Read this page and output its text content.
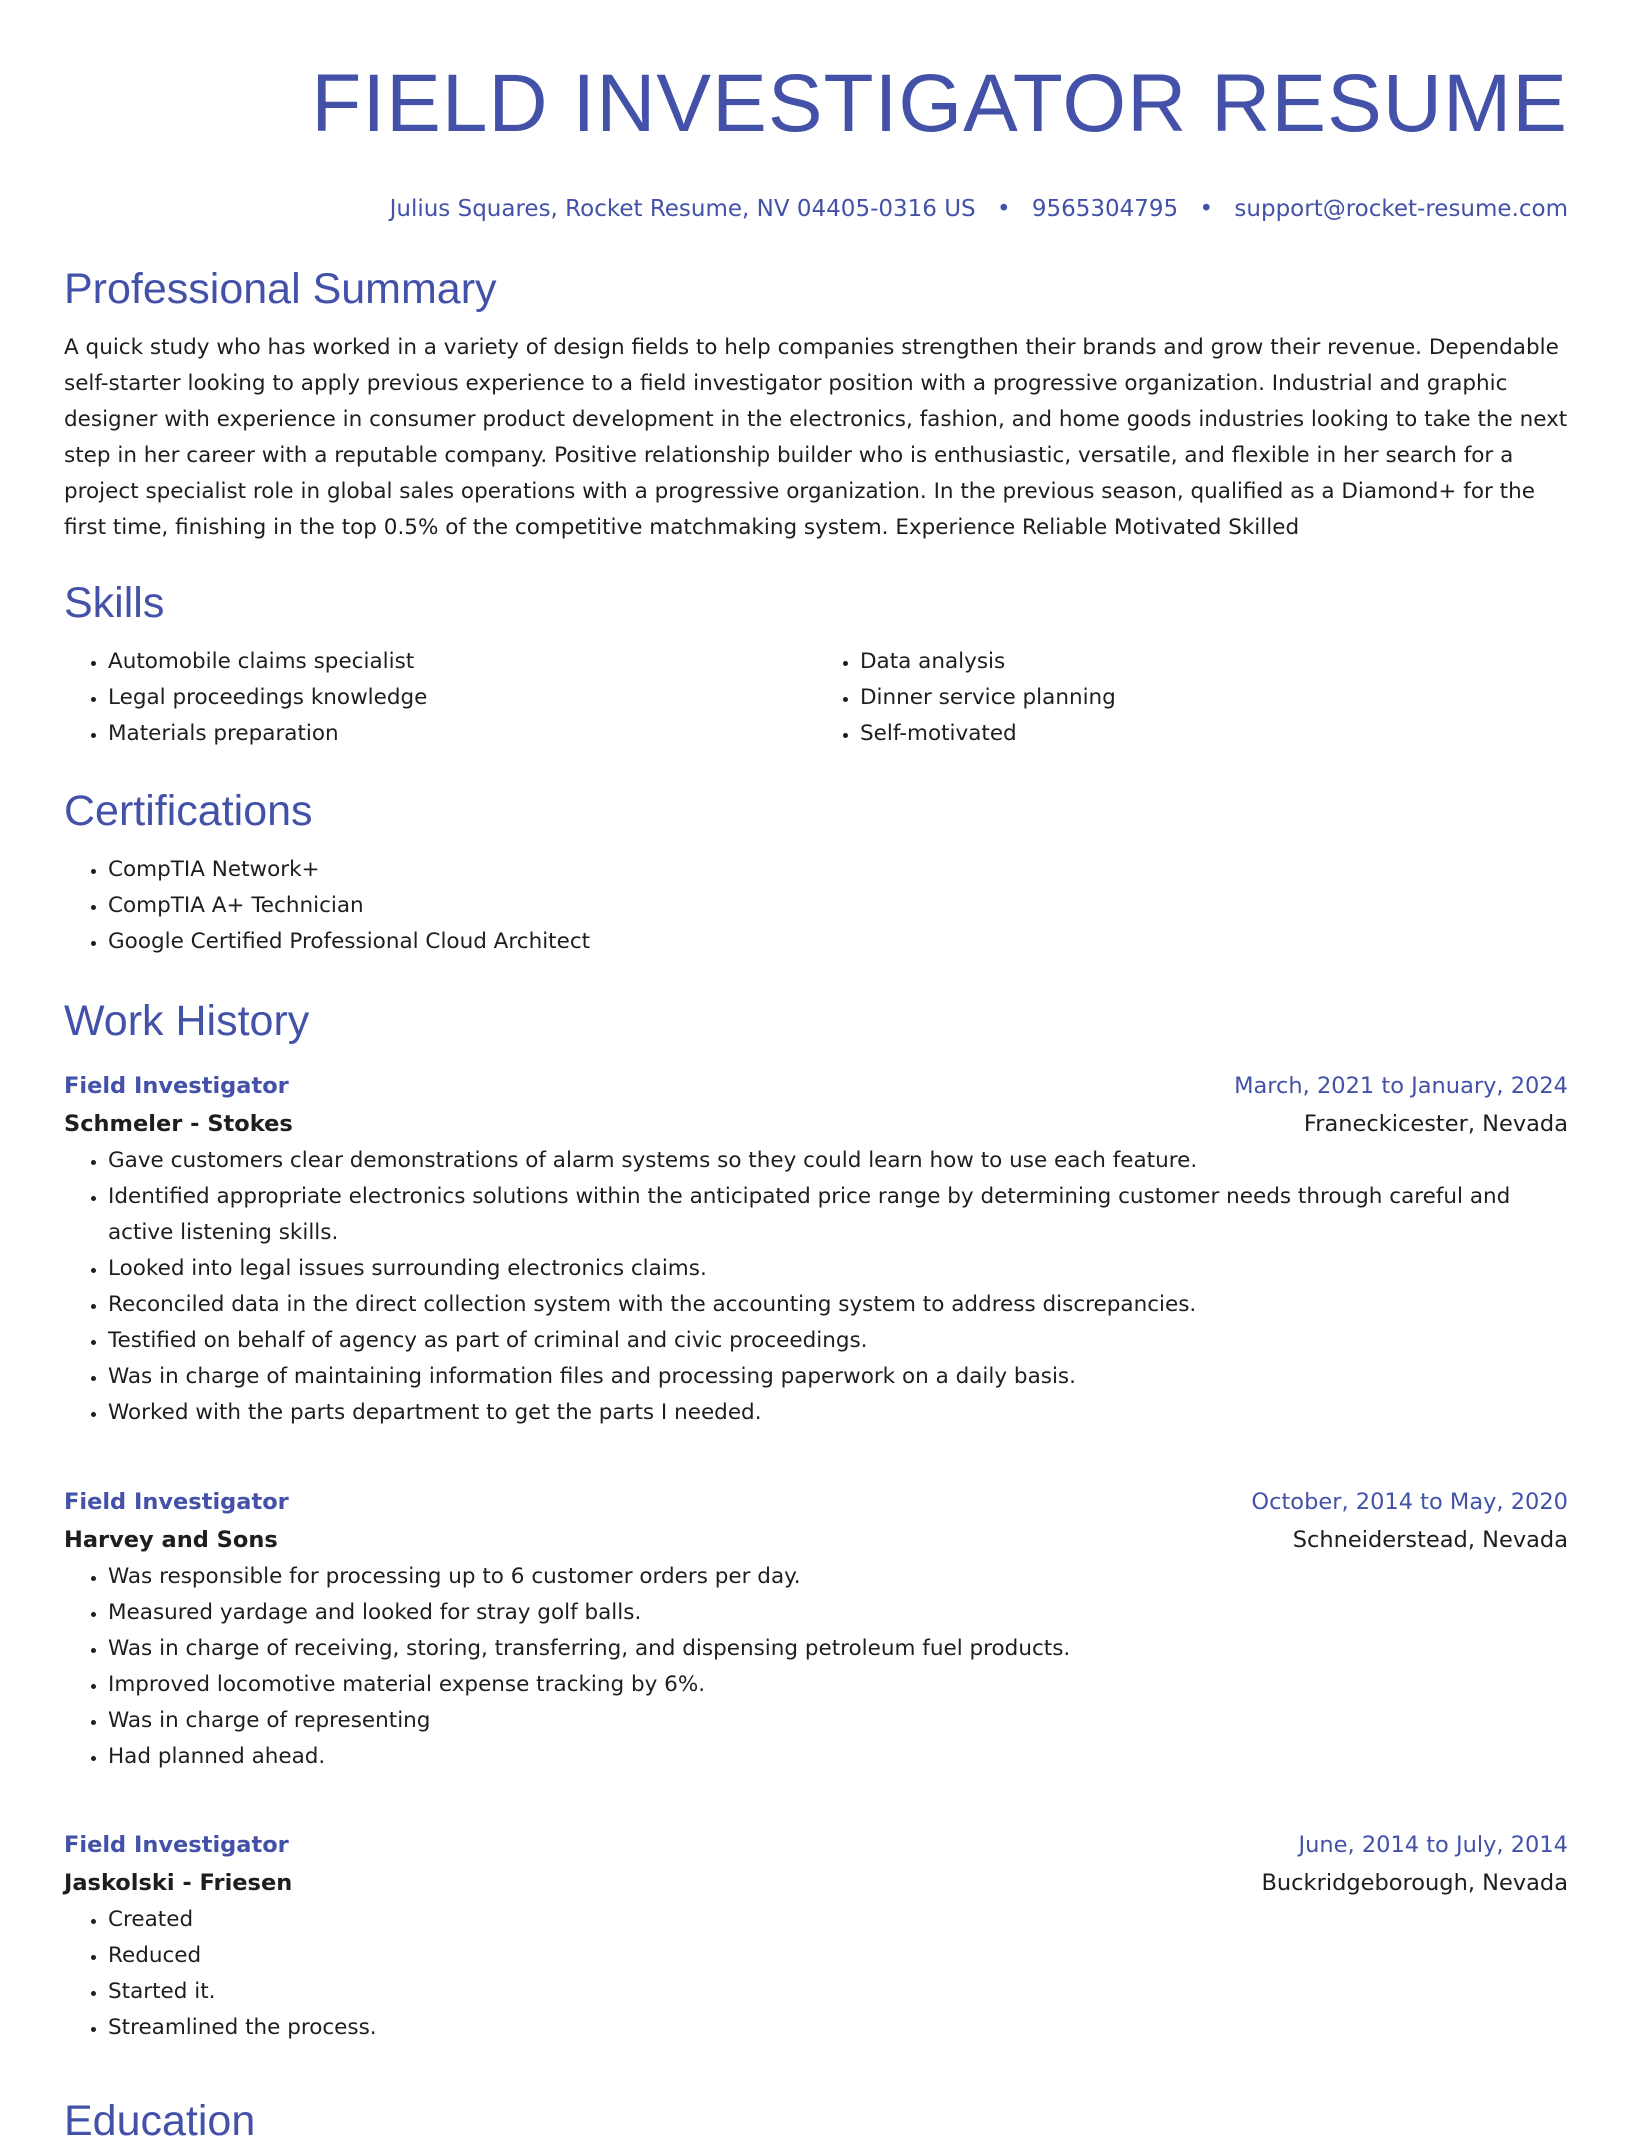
FIELD INVESTIGATOR RESUME
Julius Squares, Rocket Resume, NV 04405-0316 US • 9565304795 • support@rocket-resume.com
Professional Summary

A quick study who has worked in a variety of design fields to help companies strengthen their brands and grow their revenue. Dependable self-starter looking to apply previous experience to a field investigator position with a progressive organization. Industrial and graphic designer with experience in consumer product development in the electronics, fashion, and home goods industries looking to take the next step in her career with a reputable company. Positive relationship builder who is enthusiastic, versatile, and flexible in her search for a project specialist role in global sales operations with a progressive organization. In the previous season, qualified as a Diamond+ for the first time, finishing in the top 0.5% of the competitive matchmaking system. Experience Reliable Motivated Skilled

Skills
• Automobile claims specialist
• Legal proceedings knowledge
• Materials preparation
• Data analysis
• Dinner service planning
• Self-motivated
Certifications
• CompTIA Network+
• CompTIA A+ Technician
• Google Certified Professional Cloud Architect
Work History
Field Investigator	March, 2021 to January, 2024
Schmeler - Stokes	Franeckicester, Nevada
• Gave customers clear demonstrations of alarm systems so they could learn how to use each feature.
• Identified appropriate electronics solutions within the anticipated price range by determining customer needs through careful and active listening skills.
• Looked into legal issues surrounding electronics claims.
• Reconciled data in the direct collection system with the accounting system to address discrepancies.
• Testified on behalf of agency as part of criminal and civic proceedings.
• Was in charge of maintaining information files and processing paperwork on a daily basis.
• Worked with the parts department to get the parts I needed.
Field Investigator	October, 2014 to May, 2020
Harvey and Sons	Schneiderstead, Nevada
• Was responsible for processing up to 6 customer orders per day.
• Measured yardage and looked for stray golf balls.
• Was in charge of receiving, storing, transferring, and dispensing petroleum fuel products.
• Improved locomotive material expense tracking by 6%.
• Was in charge of representing
• Had planned ahead.
Field Investigator	June, 2014 to July, 2014
Jaskolski - Friesen	Buckridgeborough, Nevada
• Created
• Reduced
• Started it.
• Streamlined the process.
Education
